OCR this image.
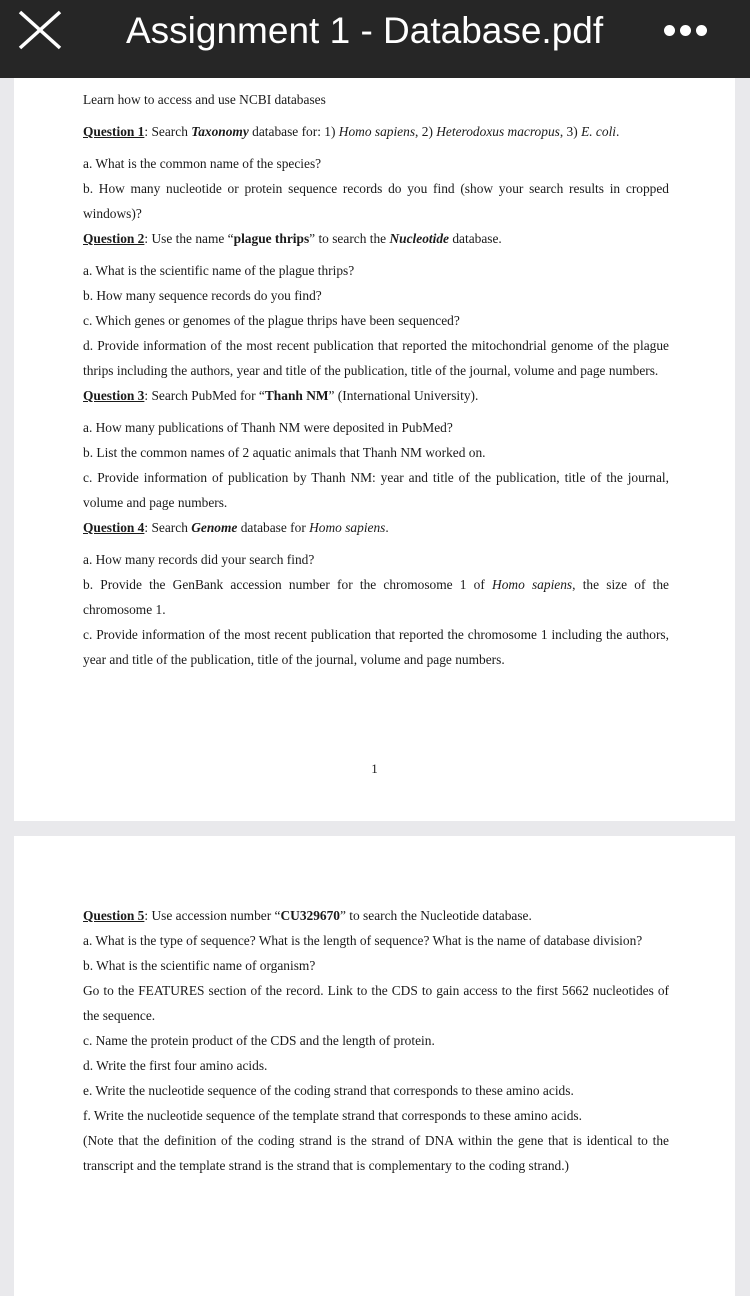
Assignment 1 - Database.pdf

Learn how to access and use NCBI databases

Question 1: Search Taxonomy database for: 1) Homo sapiens, 2) Heterodoxus macropus, 3) E. coli.

a. What is the common name of the species?

b. How many nucleotide or protein sequence records do you find (show your search results in cropped windows)?

Question 2: Use the name “plague thrips” to search the Nucleotide database.

a. What is the scientific name of the plague thrips?

b. How many sequence records do you find?

c. Which genes or genomes of the plague thrips have been sequenced?

d. Provide information of the most recent publication that reported the mitochondrial genome of the plague thrips including the authors, year and title of the publication, title of the journal, volume and page numbers.

Question 3: Search PubMed for “Thanh NM” (International University).

a. How many publications of Thanh NM were deposited in PubMed?

b. List the common names of 2 aquatic animals that Thanh NM worked on.

c. Provide information of publication by Thanh NM: year and title of the publication, title of the journal, volume and page numbers.

Question 4: Search Genome database for Homo sapiens.

a. How many records did your search find?

b. Provide the GenBank accession number for the chromosome 1 of Homo sapiens, the size of the chromosome 1.

c. Provide information of the most recent publication that reported the chromosome 1 including the authors, year and title of the publication, title of the journal, volume and page numbers.

1

Question 5: Use accession number “CU329670” to search the Nucleotide database.

a. What is the type of sequence? What is the length of sequence? What is the name of database division?

b. What is the scientific name of organism?

Go to the FEATURES section of the record. Link to the CDS to gain access to the first 5662 nucleotides of the sequence.

c. Name the protein product of the CDS and the length of protein.

d. Write the first four amino acids.

e. Write the nucleotide sequence of the coding strand that corresponds to these amino acids.

f. Write the nucleotide sequence of the template strand that corresponds to these amino acids.

(Note that the definition of the coding strand is the strand of DNA within the gene that is identical to the transcript and the template strand is the strand that is complementary to the coding strand.)
